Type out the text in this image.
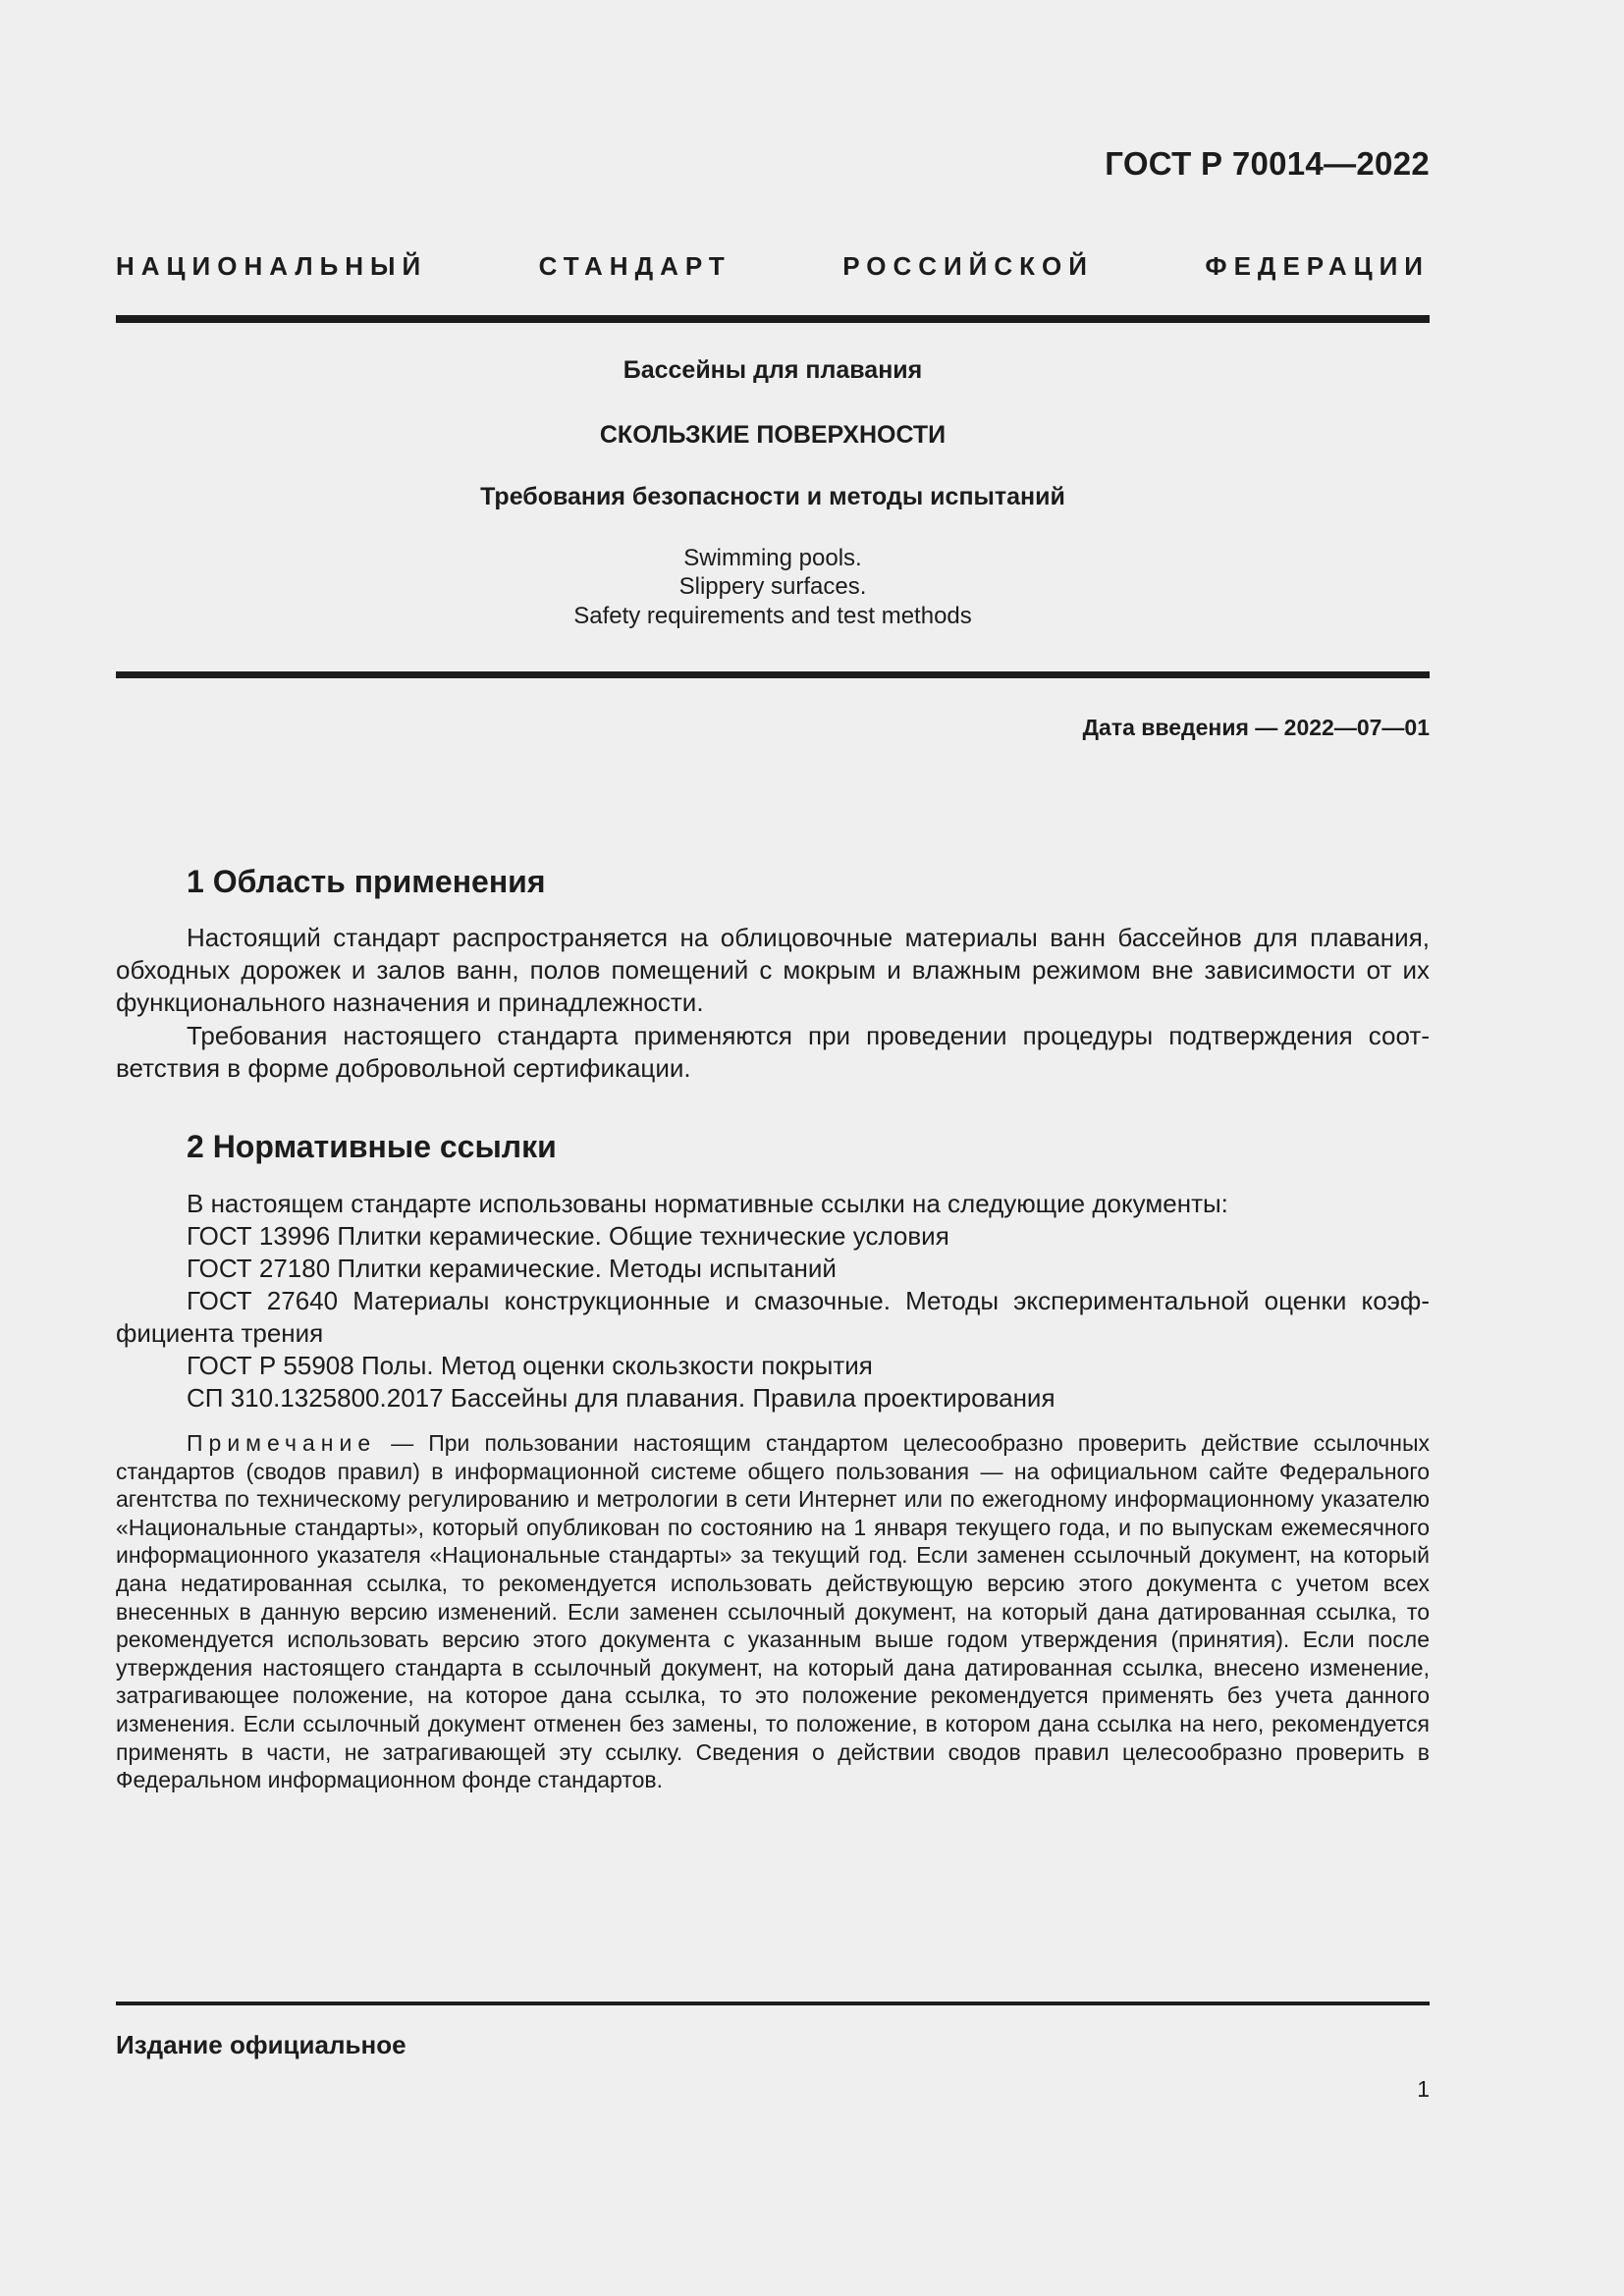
ГОСТ Р 70014—2022
НАЦИОНАЛЬНЫЙ СТАНДАРТ РОССИЙСКОЙ ФЕДЕРАЦИИ
Бассейны для плавания
СКОЛЬЗКИЕ ПОВЕРХНОСТИ
Требования безопасности и методы испытаний
Swimming pools.
Slippery surfaces.
Safety requirements and test methods
Дата введения — 2022—07—01
1 Область применения
Настоящий стандарт распространяется на облицовочные материалы ванн бассейнов для плавания, обходных дорожек и залов ванн, полов помещений с мокрым и влажным режимом вне зависимости от их функционального назначения и принадлежности.
Требования настоящего стандарта применяются при проведении процедуры подтверждения соответствия в форме добровольной сертификации.
2 Нормативные ссылки
В настоящем стандарте использованы нормативные ссылки на следующие документы:
ГОСТ 13996 Плитки керамические. Общие технические условия
ГОСТ 27180 Плитки керамические. Методы испытаний
ГОСТ 27640 Материалы конструкционные и смазочные. Методы экспериментальной оценки коэффициента трения
ГОСТ Р 55908 Полы. Метод оценки скользкости покрытия
СП 310.1325800.2017 Бассейны для плавания. Правила проектирования
Примечание — При пользовании настоящим стандартом целесообразно проверить действие ссылочных стандартов (сводов правил) в информационной системе общего пользования — на официальном сайте Федерального агентства по техническому регулированию и метрологии в сети Интернет или по ежегодному информационному указателю «Национальные стандарты», который опубликован по состоянию на 1 января текущего года, и по выпускам ежемесячного информационного указателя «Национальные стандарты» за текущий год. Если заменен ссылочный документ, на который дана недатированная ссылка, то рекомендуется использовать действующую версию этого документа с учетом всех внесенных в данную версию изменений. Если заменен ссылочный документ, на который дана датированная ссылка, то рекомендуется использовать версию этого документа с указанным выше годом утверждения (принятия). Если после утверждения настоящего стандарта в ссылочный документ, на который дана датированная ссылка, внесено изменение, затрагивающее положение, на которое дана ссылка, то это положение рекомендуется применять без учета данного изменения. Если ссылочный документ отменен без замены, то положение, в котором дана ссылка на него, рекомендуется применять в части, не затрагивающей эту ссылку. Сведения о действии сводов правил целесообразно проверить в Федеральном информационном фонде стандартов.
Издание официальное
1
